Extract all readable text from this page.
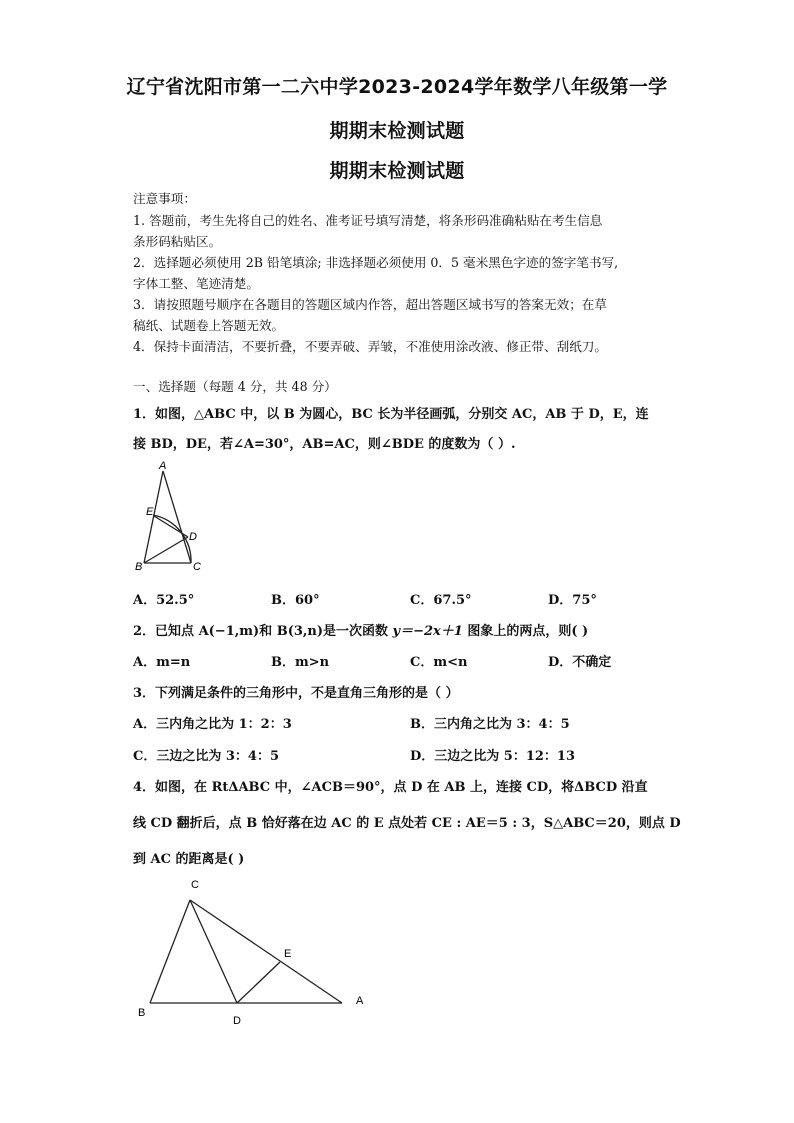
辽宁省沈阳市第一二六中学2023-2024学年数学八年级第一学
期期末检测试题
期期末检测试题
注意事项：
1. 答题前，考生先将自己的姓名、准考证号填写清楚，将条形码准确粘贴在考生信息
条形码粘贴区。
2．选择题必须使用 2B 铅笔填涂; 非选择题必须使用 0．5 毫米黑色字迹的签字笔书写,
字体工整、笔迹清楚。
3．请按照题号顺序在各题目的答题区域内作答，超出答题区域书写的答案无效；在草
稿纸、试题卷上答题无效。
4．保持卡面清洁，不要折叠，不要弄破、弄皱，不准使用涂改液、修正带、刮纸刀。
一、选择题（每题 4 分，共 48 分）
1．如图，△ABC 中，以 B 为圆心，BC 长为半径画弧，分别交 AC，AB 于 D，E，连
接 BD，DE，若∠A=30°，AB=AC，则∠BDE 的度数为（ ）.
A
E
D
B	C
A．52.5°	B．60°	C．67.5°	D．75°
2．已知点 A(−1,m)和 B(3,n)是一次函数 y＝−2x＋1 图象上的两点，则( )
A．m=n	B．m>n	C．m<n	D．不确定
3．下列满足条件的三角形中，不是直角三角形的是（ ）
A．三内角之比为 1：2：3	B．三内角之比为 3：4：5
C．三边之比为 3：4：5	D．三边之比为 5：12：13
4．如图，在 RtΔABC 中，∠ACB＝90°，点 D 在 AB 上，连接 CD，将ΔBCD 沿直
线 CD 翻折后，点 B 恰好落在边 AC 的 E 点处若 CE : AE＝5 : 3，S△ABC＝20，则点 D
到 AC 的距离是( )
C
E
B
D
A
